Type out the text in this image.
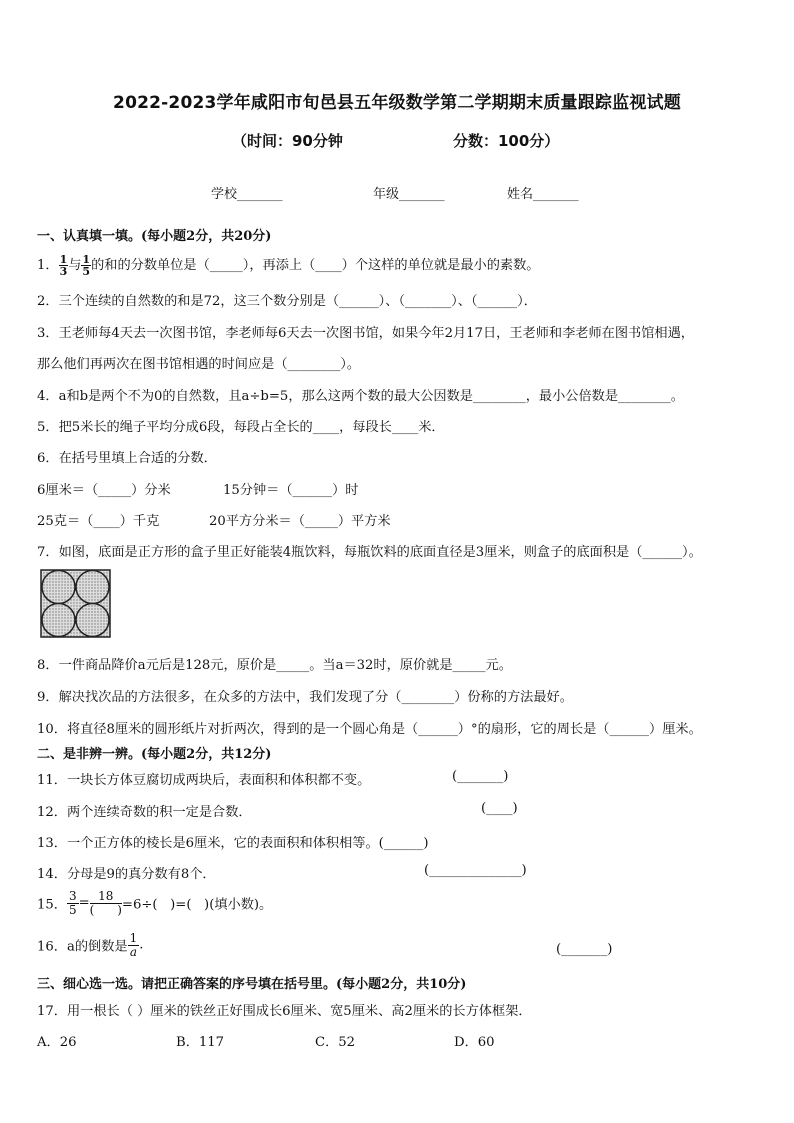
2022-2023学年咸阳市旬邑县五年级数学第二学期期末质量跟踪监视试题
（时间：90分钟	分数：100分）
学校_______	年级_______	姓名_______
一、认真填一填。(每小题2分，共20分)
1． $\frac{1}{3}$ 与 $\frac{1}{5}$ 的和的分数单位是（_____），再添上（____）个这样的单位就是最小的素数。
2．三个连续的自然数的和是72，这三个数分别是（______）、（_______）、（______）．
3．王老师每4天去一次图书馆，李老师每6天去一次图书馆，如果今年2月17日，王老师和李老师在图书馆相遇，
那么他们再两次在图书馆相遇的时间应是（________）。
4．a和b是两个不为0的自然数，且a÷b=5，那么这两个数的最大公因数是________，最小公倍数是________。
5．把5米长的绳子平均分成6段，每段占全长的____，每段长____米．
6．在括号里填上合适的分数．
6厘米＝（_____）分米	15分钟＝（______）时
25克＝（____）千克	20平方分米＝（_____）平方米
7．如图，底面是正方形的盒子里正好能装4瓶饮料，每瓶饮料的底面直径是3厘米，则盒子的底面积是（______）。
8．一件商品降价a元后是128元，原价是_____。当a＝32时，原价就是_____元。
9．解决找次品的方法很多，在众多的方法中，我们发现了分（________）份称的方法最好。
10．将直径8厘米的圆形纸片对折两次，得到的是一个圆心角是（______）°的扇形，它的周长是（______）厘米。
二、是非辨一辨。(每小题2分，共12分)
11．一块长方体豆腐切成两块后，表面积和体积都不变。	(_______)
12．两个连续奇数的积一定是合数．	(____)
13．一个正方体的棱长是6厘米，它的表面积和体积相等。(______)
14．分母是9的真分数有8个．	(______________)
15． $\frac{3}{5} = 18$
(      ) =6÷(   )=(   )(填小数)。
16．a的倒数是 $\frac{1}{a}$ .	(_______)
三、细心选一选。请把正确答案的序号填在括号里。(每小题2分，共10分)
17．用一根长（ ）厘米的铁丝正好围成长6厘米、宽5厘米、高2厘米的长方体框架．
A．26	B．117	C．52	D．60
